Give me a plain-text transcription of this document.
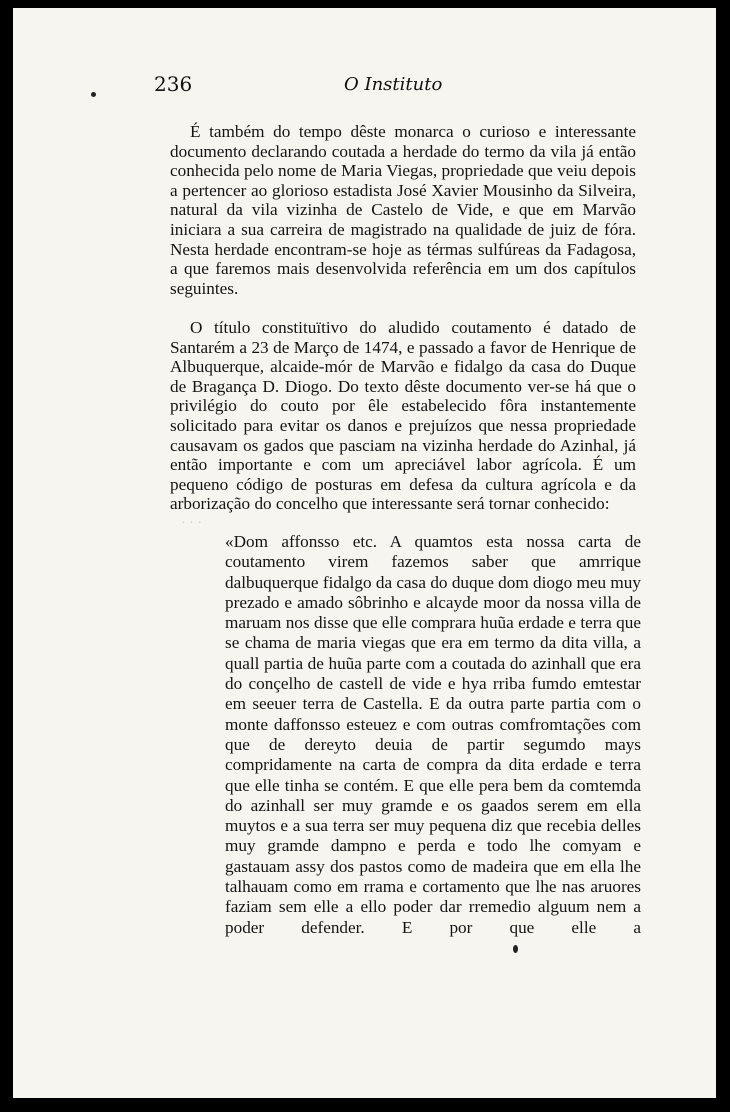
· · ·
236	O Instituto

É também do tempo dêste monarca o curioso e interessante documento declarando coutada a herdade do termo da vila já então conhecida pelo nome de Maria Viegas, propriedade que veiu depois a pertencer ao glorioso estadista José Xavier Mousinho da Silveira, natural da vila vizinha de Castelo de Vide, e que em Marvão iniciara a sua carreira de magistrado na qualidade de juiz de fóra. Nesta herdade encontram-se hoje as térmas sulfúreas da Fadagosa, a que faremos mais desenvolvida referência em um dos capítulos seguintes.

O título constituïtivo do aludido coutamento é datado de Santarém a 23 de Março de 1474, e passado a favor de Henrique de Albuquerque, alcaide-mór de Marvão e fidalgo da casa do Duque de Bragança D. Diogo. Do texto dêste documento ver-se há que o privilégio do couto por êle estabelecido fôra instantemente solicitado para evitar os danos e prejuízos que nessa propriedade causavam os gados que pasciam na vizinha herdade do Azinhal, já então importante e com um apreciável labor agrícola. É um pequeno código de posturas em defesa da cultura agrícola e da arborização do concelho que interessante será tornar conhecido:

«Dom affonsso etc. A quamtos esta nossa carta de coutamento virem fazemos saber que amrrique dalbuquerque fidalgo da casa do duque dom diogo meu muy prezado e amado sôbrinho e alcayde moor da nossa villa de maruam nos disse que elle comprara huũa erdade e terra que se chama de maria viegas que era em termo da dita villa, a quall partia de huũa parte com a coutada do azinhall que era do conçelho de castell de vide e hya rriba fumdo emtestar em seeuer terra de Castella. E da outra parte partia com o monte daffonsso esteuez e com outras comfromtações com que de dereyto deuia de partir segumdo mays compridamente na carta de compra da dita erdade e terra que elle tinha se contém. E que elle pera bem da comtemda do azinhall ser muy gramde e os gaados serem em ella muytos e a sua terra ser muy pequena diz que recebia delles muy gramde dampno e perda e todo lhe comyam e gastauam assy dos pastos como de madeira que em ella lhe talhauam como em rrama e cortamento que lhe nas aruores faziam sem elle a ello poder dar rremedio alguum nem a poder defender. E por que elle a
